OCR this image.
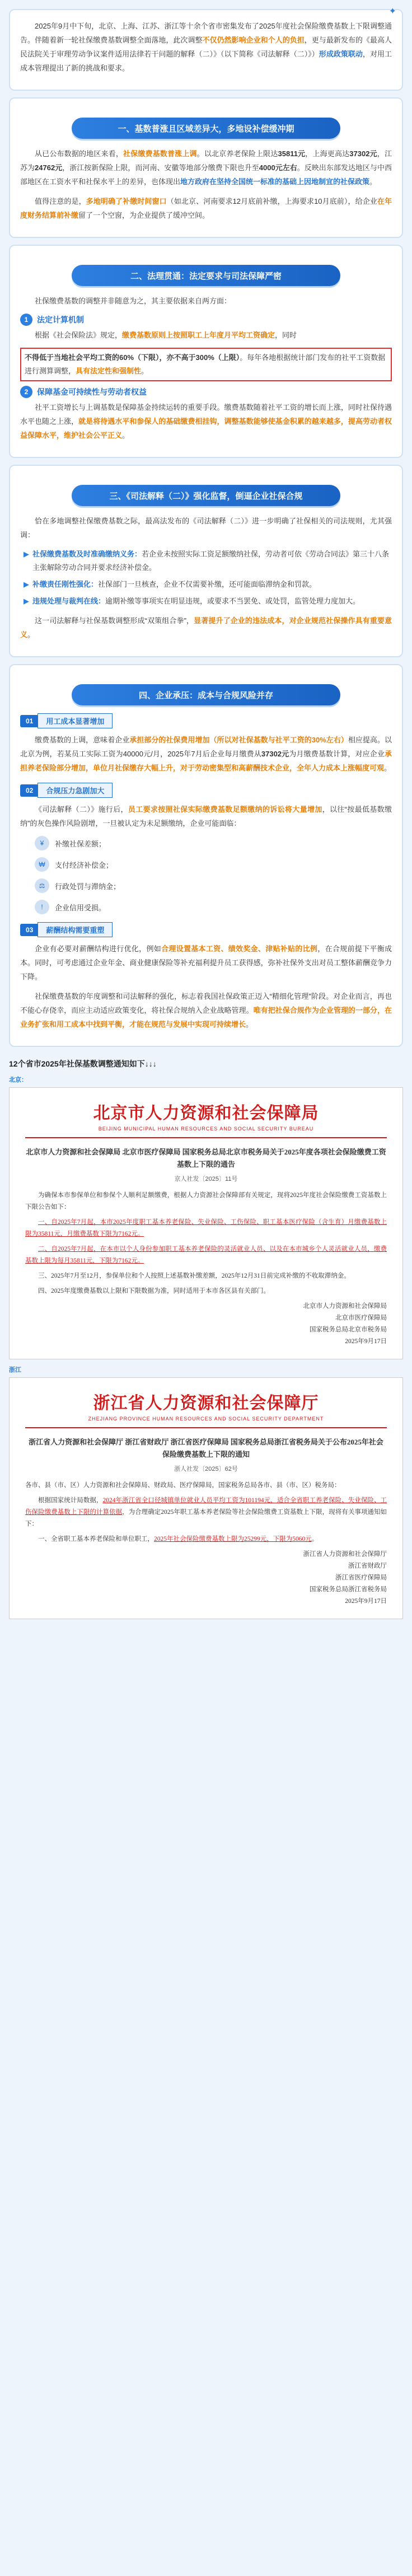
✦

2025年9月中下旬，北京、上海、江苏、浙江等十余个省市密集发布了2025年度社会保险缴费基数上下限调整通告。伴随着新一轮社保缴费基数调整全面落地，此次调整不仅仍然影响企业和个人的负担，更与最新发布的《最高人民法院关于审理劳动争议案件适用法律若干问题的解释（二）》（以下简称《司法解释（二）》）形成政策联动，对用工成本管理提出了新的挑战和要求。

一、基数普涨且区域差异大，多地设补偿缓冲期

从已公布数据的地区来看，社保缴费基数普涨上调。以北京养老保险上限达35811元，上海更高达37302元，江苏为24762元，浙江按新保险上限，而河南、安徽等地部分缴费下限也升至4000元左右。反映出东部发达地区与中西部地区在工资水平和社保水平上的差异，也体现出地方政府在坚持全国统一标准的基础上因地制宜的社保政策。

值得注意的是，多地明确了补缴时间窗口（如北京、河南要求12月底前补缴，上海要求10月底前），给企业在年度财务结算前补缴留了一个空窗，为企业提供了缓冲空间。

二、法理贯通：法定要求与司法保障严密

社保缴费基数的调整并非随意为之，其主要依据来自两方面：

1	法定计算机制

根据《社会保险法》规定，缴费基数原则上按照职工上年度月平均工资确定，同时

不得低于当地社会平均工资的60%（下限），亦不高于300%（上限）。每年各地根据统计部门发布的社平工资数据进行测算调整，具有法定性和强制性。
2	保障基金可持续性与劳动者权益

社平工资增长与上调基数是保障基金持续运转的重要手段。缴费基数随着社平工资的增长而上涨，同时社保待遇水平也随之上涨，就是将待遇水平和参保人的基础缴费相挂钩，调整基数能够使基金积累的越来越多，提高劳动者权益保障水平，维护社会公平正义。

三、《司法解释（二）》强化监督，倒逼企业社保合规

恰在多地调整社保缴费基数之际，最高法发布的《司法解释（二）》进一步明确了社保相关的司法规则，尤其强调：

▶ 社保缴费基数及时准确缴纳义务：若企业未按照实际工资足额缴纳社保，劳动者可依《劳动合同法》第三十八条主张解除劳动合同并要求经济补偿金。
▶ 补缴责任刚性强化：社保部门一旦核查，企业不仅需要补缴，还可能面临滞纳金和罚款。
▶ 违规处理与裁判在线：逾期补缴等事项实在明显违规，或要求不当罢免、或处罚，监管处理力度加大。

这一司法解释与社保基数调整形成“双策组合拳”，显著提升了企业的违法成本，对企业规范社保操作具有重要意义。

四、企业承压：成本与合规风险并存
01	用工成本显著增加

缴费基数的上调，意味着企业承担部分的社保费用增加（所以对社保基数与社平工资的30%左右）相应提高。以北京为例，若某员工实际工资为40000元/月，2025年7月后企业每月缴费从37302元为月缴费基数计算，对应企业承担养老保险部分增加，单位月社保缴存大幅上升，对于劳动密集型和高薪酬技术企业，全年人力成本上涨幅度可观。

02	合规压力急剧加大

《司法解释（二）》施行后，员工要求按照社保实际缴费基数足额缴纳的诉讼将大量增加，以往“按最低基数缴纳”的灰色操作风险剧增，一旦被认定为未足额缴纳，企业可能面临：

¥	补缴社保差额；
₩	支付经济补偿金；
⚖	行政处罚与滞纳金；
!	企业信用受损。
03	薪酬结构需要重塑

企业有必要对薪酬结构进行优化，例如合理设置基本工资、绩效奖金、津贴补贴的比例，在合规前提下平衡成本。同时，可考虑通过企业年金、商业健康保险等补充福利提升员工获得感，弥补社保外支出对员工整体薪酬竞争力下降。

社保缴费基数的年度调整和司法解释的强化，标志着我国社保政策正迈入“精细化管理”阶段。对企业而言，再也不能心存侥幸，而应主动适应政策变化，将社保合规纳入企业战略管理。唯有把社保合规作为企业管理的一部分，在业务扩张和用工成本中找到平衡，才能在规范与发展中实现可持续增长。

12个省市2025年社保基数调整通知如下↓↓↓
北京：
北京市人力资源和社会保障局
BEIJING MUNICIPAL HUMAN RESOURCES AND SOCIAL SECURITY BUREAU
北京市人力资源和社会保障局 北京市医疗保障局 国家税务总局北京市税务局关于2025年度各项社会保险缴费工资基数上下限的通告
京人社发〔2025〕11号

为确保本市参保单位和参保个人顺利足额缴费，根据人力资源社会保障部有关规定，现将2025年度社会保险缴费工资基数上下限公告如下：

一、自2025年7月起，本市2025年度职工基本养老保险、失业保险、工伤保险、职工基本医疗保险（含生育）月缴费基数上限为35811元，月缴费基数下限为7162元。

二、自2025年7月起，在本市以个人身份参加职工基本养老保险的灵活就业人员、以及在本市城乡个人灵活就业人员，缴费基数上限为每月35811元，下限为7162元。

三、2025年7月至12月，参保单位和个人按照上述基数补缴差额，2025年12月31日前完成补缴的不收取滞纳金。

四、2025年度缴费基数以上限和下限数据为准，同时适用于本市各区县有关部门。

北京市人力资源和社会保障局
北京市医疗保障局
国家税务总局北京市税务局
2025年9月17日
浙江
浙江省人力资源和社会保障厅
ZHEJIANG PROVINCE HUMAN RESOURCES AND SOCIAL SECURITY DEPARTMENT
浙江省人力资源和社会保障厅 浙江省财政厅 浙江省医疗保障局 国家税务总局浙江省税务局关于公布2025年社会保险缴费基数上下限的通知
浙人社发〔2025〕62号

各市、县（市、区）人力资源和社会保障局、财政局、医疗保障局，国家税务总局各市、县（市、区）税务局：

根据国家统计局数据，2024年浙江省全口径城镇单位就业人员平均工资为101194元，适合全省职工养老保险、失业保险、工伤保险缴费基数上下限的计算依据，为合理确定2025年职工基本养老保险等社会保险缴费工资基数上下限，现将有关事项通知如下：

一、全省职工基本养老保险和单位职工，2025年社会保险缴费基数上限为25299元，下限为5060元。

浙江省人力资源和社会保障厅
浙江省财政厅
浙江省医疗保障局
国家税务总局浙江省税务局
2025年9月17日
